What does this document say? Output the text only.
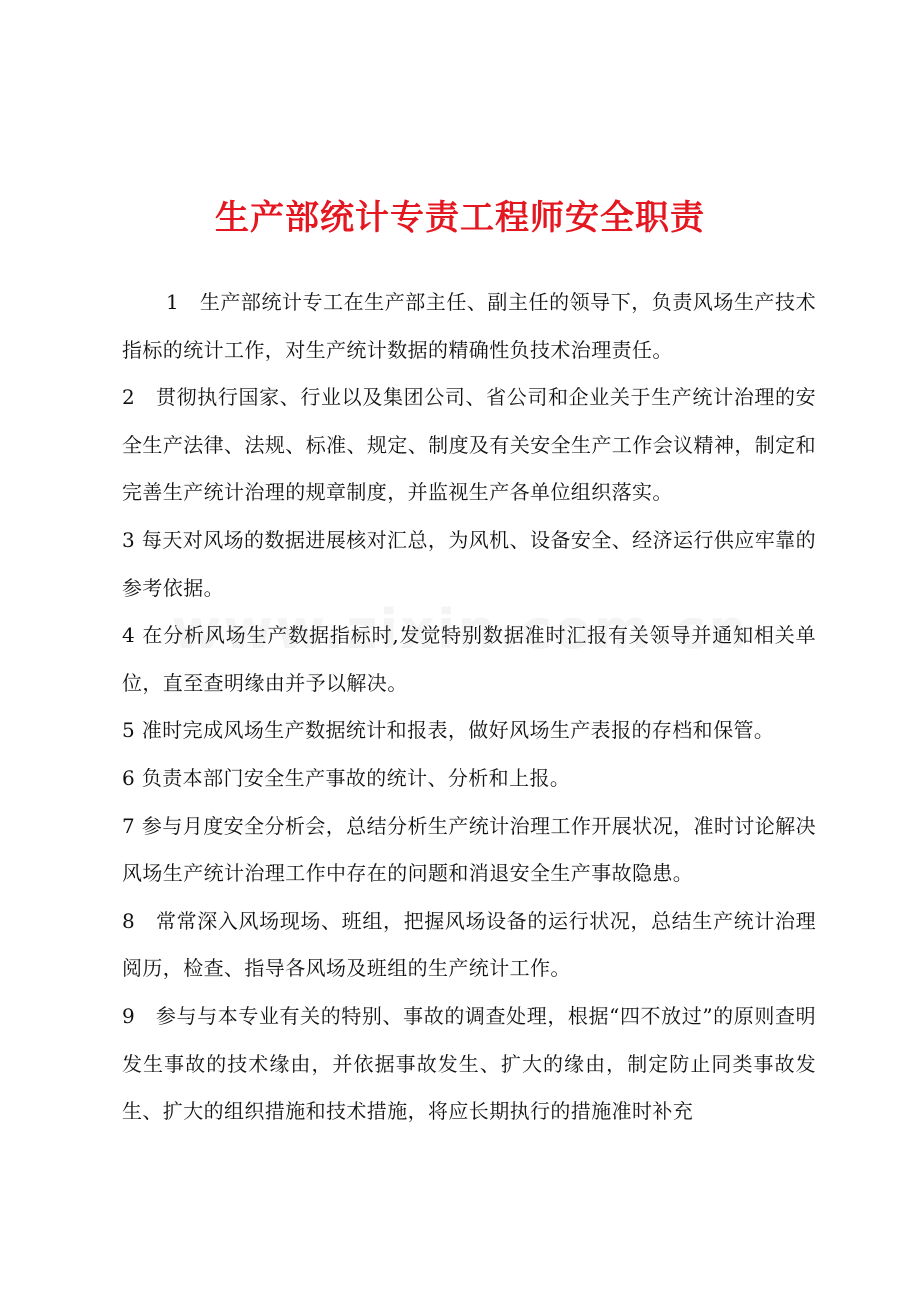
生产部统计专责工程师安全职责

1　生产部统计专工在生产部主任、副主任的领导下，负责风场生产技术指标的统计工作，对生产统计数据的精确性负技术治理责任。

2　贯彻执行国家、行业以及集团公司、省公司和企业关于生产统计治理的安全生产法律、法规、标准、规定、制度及有关安全生产工作会议精神，制定和完善生产统计治理的规章制度，并监视生产各单位组织落实。

3 每天对风场的数据进展核对汇总，为风机、设备安全、经济运行供应牢靠的参考依据。

4 在分析风场生产数据指标时,发觉特别数据准时汇报有关领导并通知相关单位，直至查明缘由并予以解决。

5 准时完成风场生产数据统计和报表，做好风场生产表报的存档和保管。

6 负责本部门安全生产事故的统计、分析和上报。

7 参与月度安全分析会，总结分析生产统计治理工作开展状况，准时讨论解决风场生产统计治理工作中存在的问题和消退安全生产事故隐患。

8　常常深入风场现场、班组，把握风场设备的运行状况，总结生产统计治理阅历，检查、指导各风场及班组的生产统计工作。

9　参与与本专业有关的特别、事故的调查处理，根据“四不放过”的原则查明发生事故的技术缘由，并依据事故发生、扩大的缘由，制定防止同类事故发生、扩大的组织措施和技术措施，将应长期执行的措施准时补充
